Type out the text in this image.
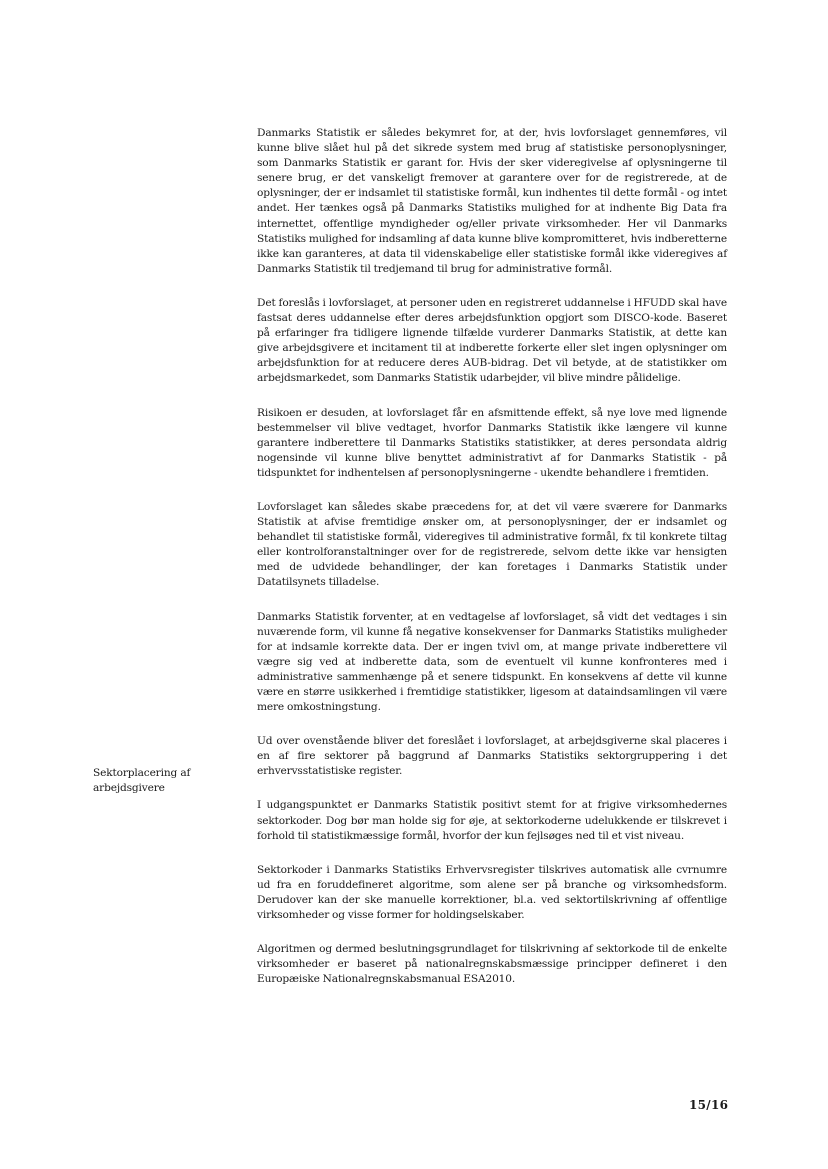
Danmarks Statistik er således bekymret for, at der, hvis lovforslaget gennemføres, vil kunne blive slået hul på det sikrede system med brug af statistiske personoplysninger, som Danmarks Statistik er garant for. Hvis der sker videregivelse af oplysningerne til senere brug, er det vanskeligt fremover at garantere over for de registrerede, at de oplysninger, der er indsamlet til statistiske formål, kun indhentes til dette formål - og intet andet. Her tænkes også på Danmarks Statistiks mulighed for at indhente Big Data fra internettet, offentlige myndigheder og/eller private virksomheder. Her vil Danmarks Statistiks mulighed for indsamling af data kunne blive kompromitteret, hvis indberetterne ikke kan garanteres, at data til videnskabelige eller statistiske formål ikke videregives af Danmarks Statistik til tredjemand til brug for administrative formål.

Det foreslås i lovforslaget, at personer uden en registreret uddannelse i HFUDD skal have fastsat deres uddannelse efter deres arbejdsfunktion opgjort som DISCO-kode. Baseret på erfaringer fra tidligere lignende tilfælde vurderer Danmarks Statistik, at dette kan give arbejdsgivere et incitament til at indberette forkerte eller slet ingen oplysninger om arbejdsfunktion for at reducere deres AUB-bidrag. Det vil betyde, at de statistikker om arbejdsmarkedet, som Danmarks Statistik udarbejder, vil blive mindre pålidelige.

Risikoen er desuden, at lovforslaget får en afsmittende effekt, så nye love med lignende bestemmelser vil blive vedtaget, hvorfor Danmarks Statistik ikke længere vil kunne garantere indberettere til Danmarks Statistiks statistikker, at deres persondata aldrig nogensinde vil kunne blive benyttet administrativt af for Danmarks Statistik - på tidspunktet for indhentelsen af personoplysningerne - ukendte behandlere i fremtiden.

Lovforslaget kan således skabe præcedens for, at det vil være sværere for Danmarks Statistik at afvise fremtidige ønsker om, at personoplysninger, der er indsamlet og behandlet til statistiske formål, videregives til administrative formål, fx til konkrete tiltag eller kontrolforanstaltninger over for de registrerede, selvom dette ikke var hensigten med de udvidede behandlinger, der kan foretages i Danmarks Statistik under Datatilsynets tilladelse.

Danmarks Statistik forventer, at en vedtagelse af lovforslaget, så vidt det vedtages i sin nuværende form, vil kunne få negative konsekvenser for Danmarks Statistiks muligheder for at indsamle korrekte data. Der er ingen tvivl om, at mange private indberettere vil vægre sig ved at indberette data, som de eventuelt vil kunne konfronteres med i administrative sammenhænge på et senere tidspunkt. En konsekvens af dette vil kunne være en større usikkerhed i fremtidige statistikker, ligesom at dataindsamlingen vil være mere omkostningstung.

Ud over ovenstående bliver det foreslået i lovforslaget, at arbejdsgiverne skal placeres i en af fire sektorer på baggrund af Danmarks Statistiks sektorgruppering i det erhvervsstatistiske register.

I udgangspunktet er Danmarks Statistik positivt stemt for at frigive virksomhedernes sektorkoder. Dog bør man holde sig for øje, at sektorkoderne udelukkende er tilskrevet i forhold til statistikmæssige formål, hvorfor der kun fejlsøges ned til et vist niveau.

Sektorkoder i Danmarks Statistiks Erhvervsregister tilskrives automatisk alle cvrnumre ud fra en foruddefineret algoritme, som alene ser på branche og virksomhedsform. Derudover kan der ske manuelle korrektioner, bl.a. ved sektortilskrivning af offentlige virksomheder og visse former for holdingselskaber.

Algoritmen og dermed beslutningsgrundlaget for tilskrivning af sektorkode til de enkelte virksomheder er baseret på nationalregnskabsmæssige principper defineret i den Europæiske Nationalregnskabsmanual ESA2010.

Sektorplacering af arbejdsgivere

15/16
